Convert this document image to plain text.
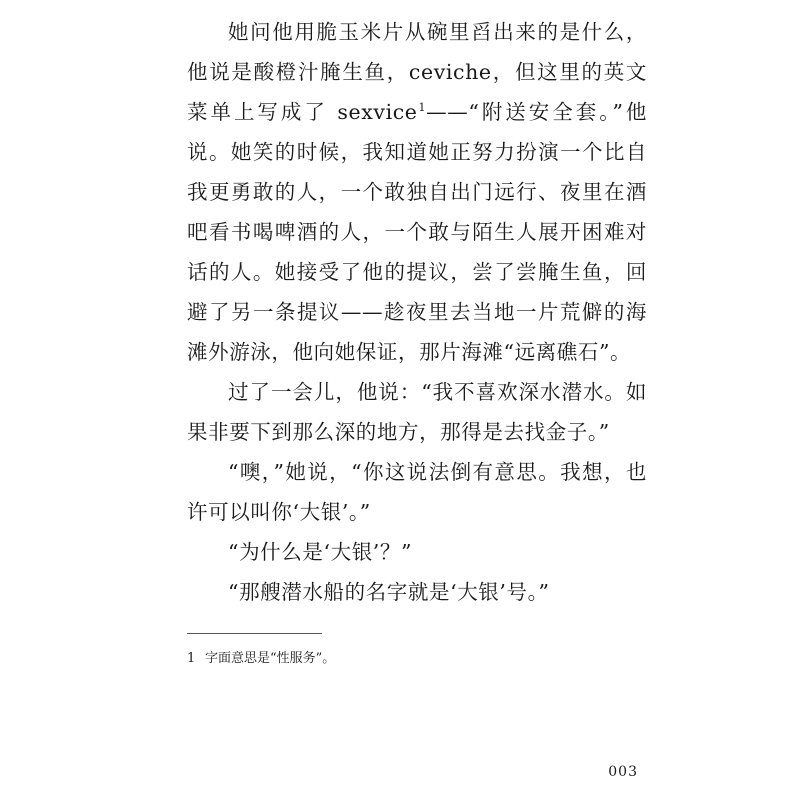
她问他用脆玉米片从碗里舀出来的是什么，他说是酸橙汁腌生鱼，ceviche，但这里的英文菜单上写成了 sexvice$^1$——“附送安全套。”他说。她笑的时候，我知道她正努力扮演一个比自我更勇敢的人，一个敢独自出门远行、夜里在酒吧看书喝啤酒的人，一个敢与陌生人展开困难对话的人。她接受了他的提议，尝了尝腌生鱼，回避了另一条提议——趁夜里去当地一片荒僻的海滩外游泳，他向她保证，那片海滩“远离礁石”。

过了一会儿，他说：“我不喜欢深水潜水。如果非要下到那么深的地方，那得是去找金子。”

“噢，”她说，“你这说法倒有意思。我想，也许可以叫你‘大银’。”

“为什么是‘大银’？”

“那艘潜水船的名字就是‘大银’号。”

1 字面意思是“性服务”。
003
